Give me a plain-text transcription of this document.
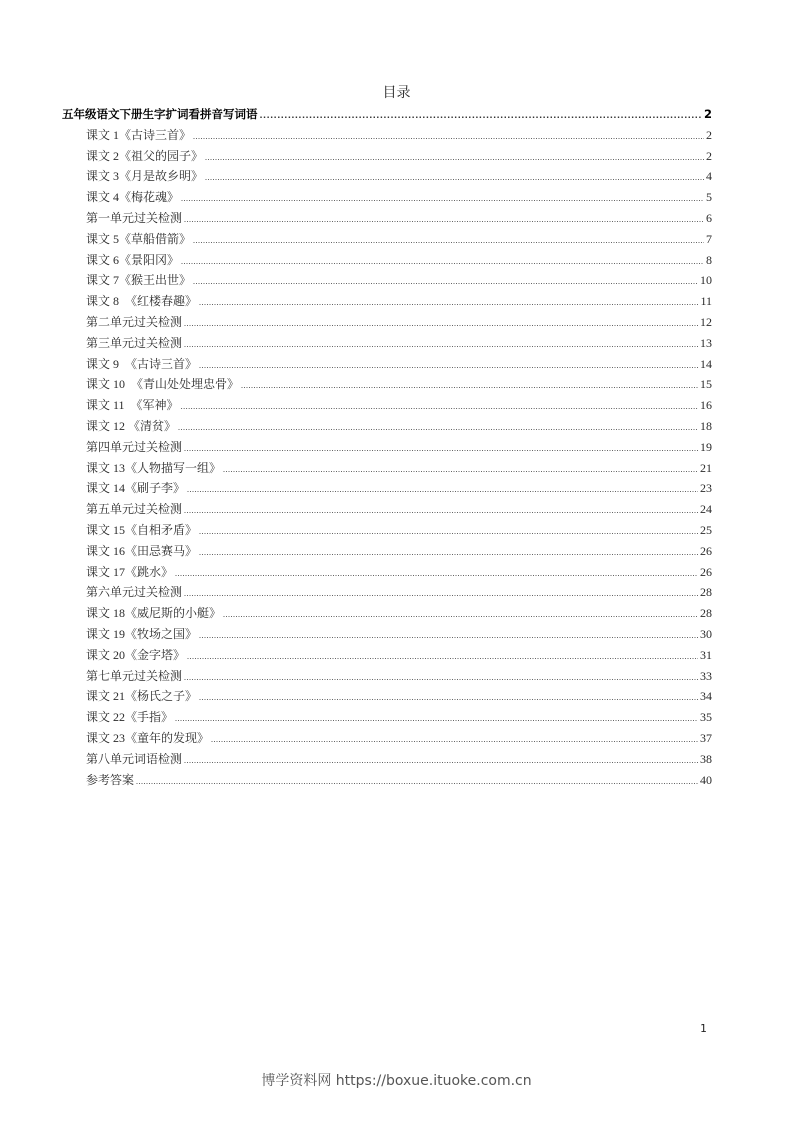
目录
五年级语文下册生字扩词看拼音写词语 .....	2
课文 1《古诗三首》 .....	2
课文 2《祖父的园子》 .....	2
课文 3《月是故乡明》 .....	4
课文 4《梅花魂》 .....	5
第一单元过关检测 .....	6
课文 5《草船借箭》 .....	7
课文 6《景阳冈》 .....	8
课文 7《猴王出世》 .....	10
课文 8　《红楼春趣》 .....	11
第二单元过关检测 .....	12
第三单元过关检测 .....	13
课文 9　《古诗三首》 .....	14
课文 10　《青山处处埋忠骨》 .....	15
课文 11　《军神》 .....	16
课文 12 《清贫》 .....	18
第四单元过关检测 .....	19
课文 13《人物描写一组》 .....	21
课文 14《刷子李》 .....	23
第五单元过关检测 .....	24
课文 15《自相矛盾》 .....	25
课文 16《田忌赛马》 .....	26
课文 17《跳水》 .....	26
第六单元过关检测 .....	28
课文 18《威尼斯的小艇》 .....	28
课文 19《牧场之国》 .....	30
课文 20《金字塔》 .....	31
第七单元过关检测 .....	33
课文 21《杨氏之子》 .....	34
课文 22《手指》 .....	35
课文 23《童年的发现》 .....	37
第八单元词语检测 .....	38
参考答案 .....	40
1
博学资料网 https://boxue.ituoke.com.cn
